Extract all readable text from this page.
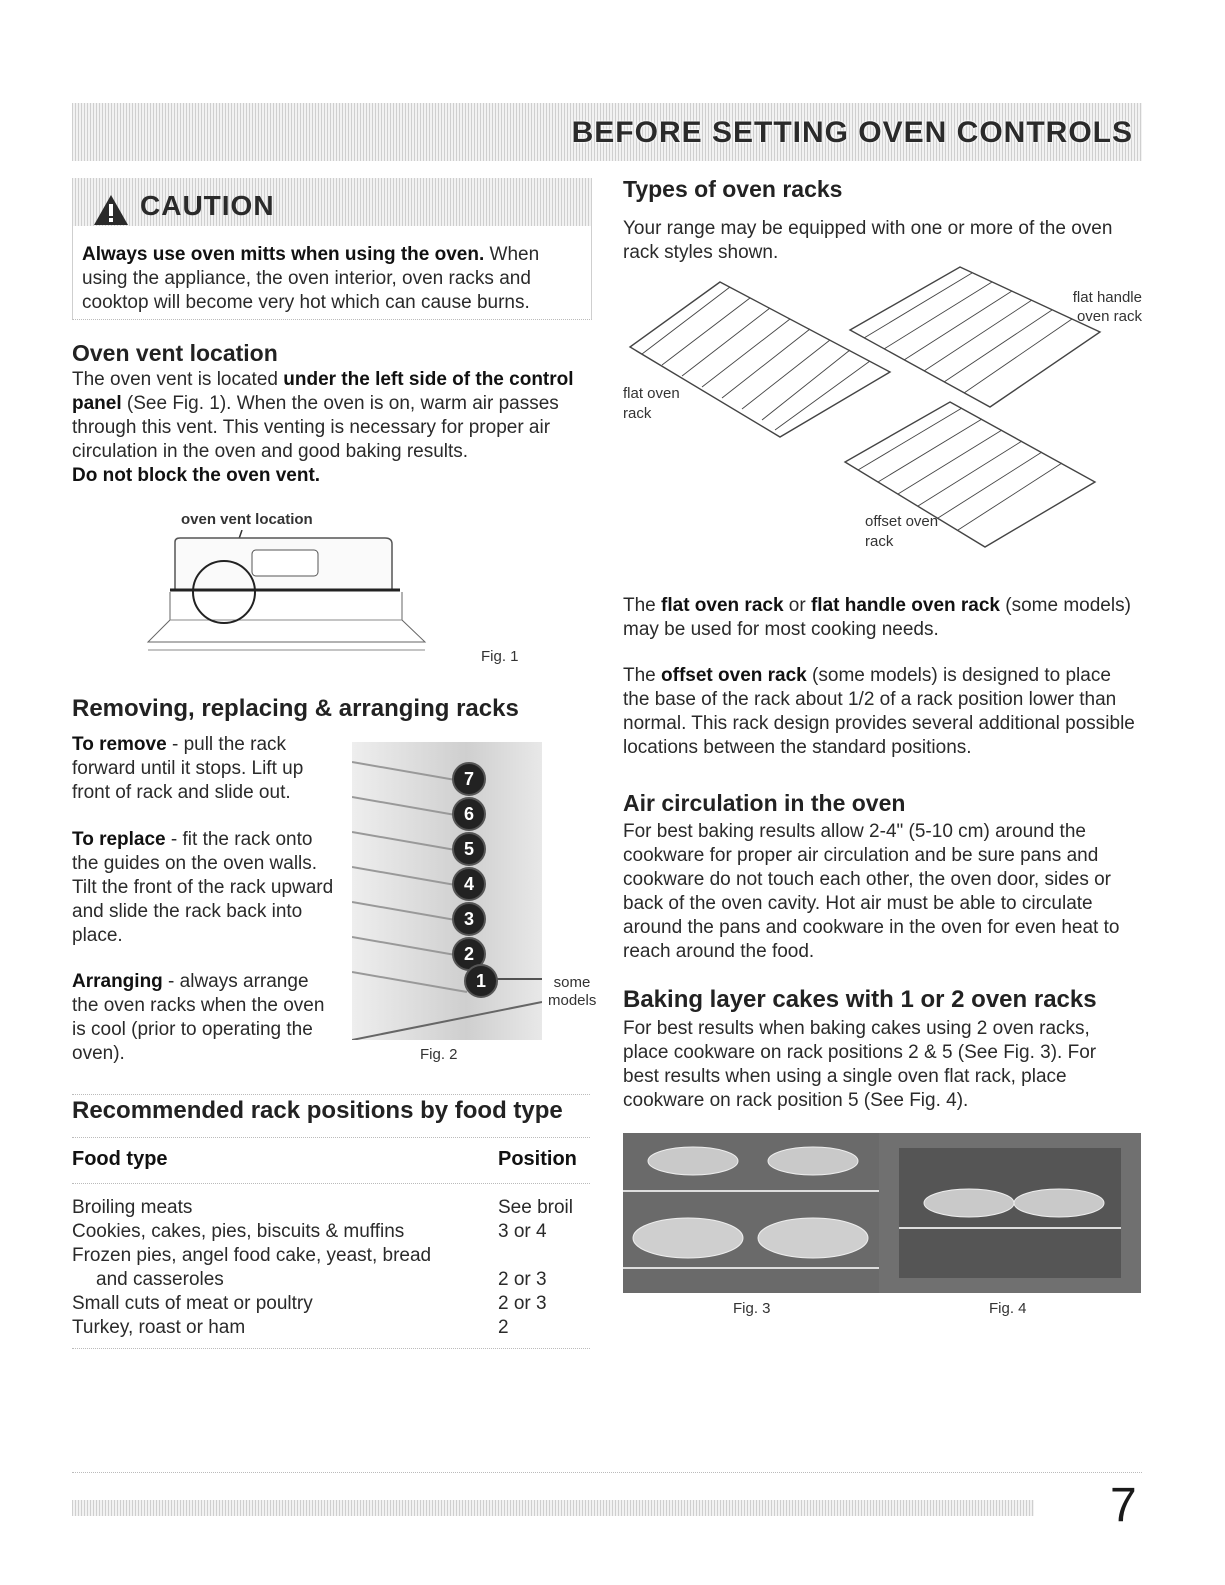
BEFORE SETTING OVEN CONTROLS
CAUTION
Always use oven mitts when using the oven. When using the appliance, the oven interior, oven racks and cooktop will become very hot which can cause burns.
Oven vent location
The oven vent is located under the left side of the control panel (See Fig. 1). When the oven is on, warm air passes through this vent. This venting is necessary for proper air circulation in the oven and good baking results.
Do not block the oven vent.
oven vent location
Fig. 1
Removing, replacing & arranging racks
To remove - pull the rack forward until it stops. Lift up front of rack and slide out.
To replace - fit the rack onto the guides on the oven walls. Tilt the front of the rack upward and slide the rack back into place.
Arranging - always arrange the oven racks when the oven is cool (prior to operating the oven).
7
6
5
4
3
2
1	some models
Fig. 2
Recommended rack positions by food type
Food type	Position
Broiling meats	See broil
Cookies, cakes, pies, biscuits & muffins	3 or 4
Frozen pies, angel food cake, yeast, bread
and casseroles	2 or 3
Small cuts of meat or poultry	2 or 3
Turkey, roast or ham	2
Types of oven racks
Your range may be equipped with one or more of the oven rack styles shown.
flat handle oven rack
flat oven rack
offset oven rack
The flat oven rack or flat handle oven rack (some models) may be used for most cooking needs.
The offset oven rack (some models) is designed to place the base of the rack about 1/2 of a rack position lower than normal. This rack design provides several additional possible locations between the standard positions.
Air circulation in the oven
For best baking results allow 2-4" (5-10 cm) around the cookware for proper air circulation and be sure pans and cookware do not touch each other, the oven door, sides or back of the oven cavity. Hot air must be able to circulate around the pans and cookware in the oven for even heat to reach around the food.
Baking layer cakes with 1 or 2 oven racks
For best results when baking cakes using 2 oven racks, place cookware on rack positions 2 & 5 (See Fig. 3). For best results when using a single oven flat rack, place cookware on rack position 5 (See Fig. 4).
Fig. 3	Fig. 4
7
